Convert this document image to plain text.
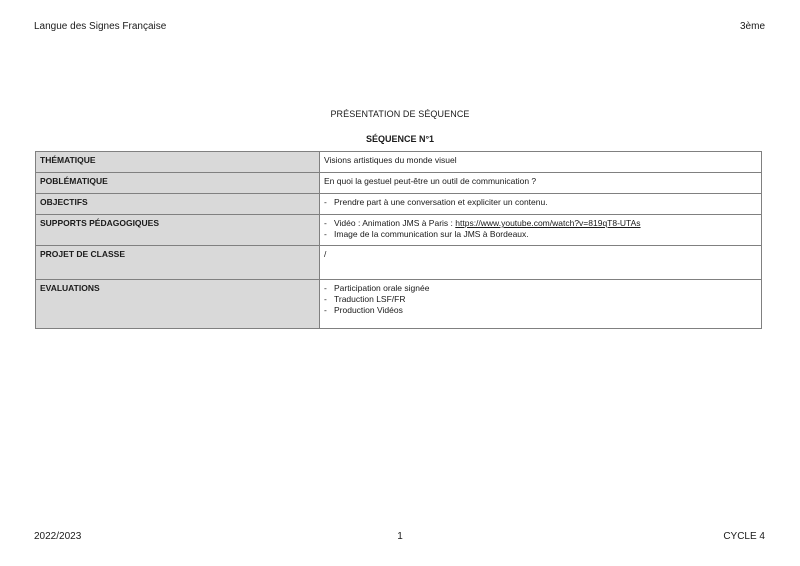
Langue des Signes Française	3ème
PRÉSENTATION DE SÉQUENCE
SÉQUENCE N°1
THÉMATIQUE	Visions artistiques du monde visuel
POBLÉMATIQUE	En quoi la gestuel peut-être un outil de communication ?
OBJECTIFS	- Prendre part à une conversation et expliciter un contenu.

SUPPORTS PÉDAGOGIQUES	- Vidéo : Animation JMS à Paris : https://www.youtube.com/watch?v=819qT8-UTAs
- Image de la communication sur la JMS à Bordeaux.

PROJET DE CLASSE	/
EVALUATIONS	- Participation orale signée
- Traduction LSF/FR
- Production Vidéos
2022/2023	1	CYCLE 4
